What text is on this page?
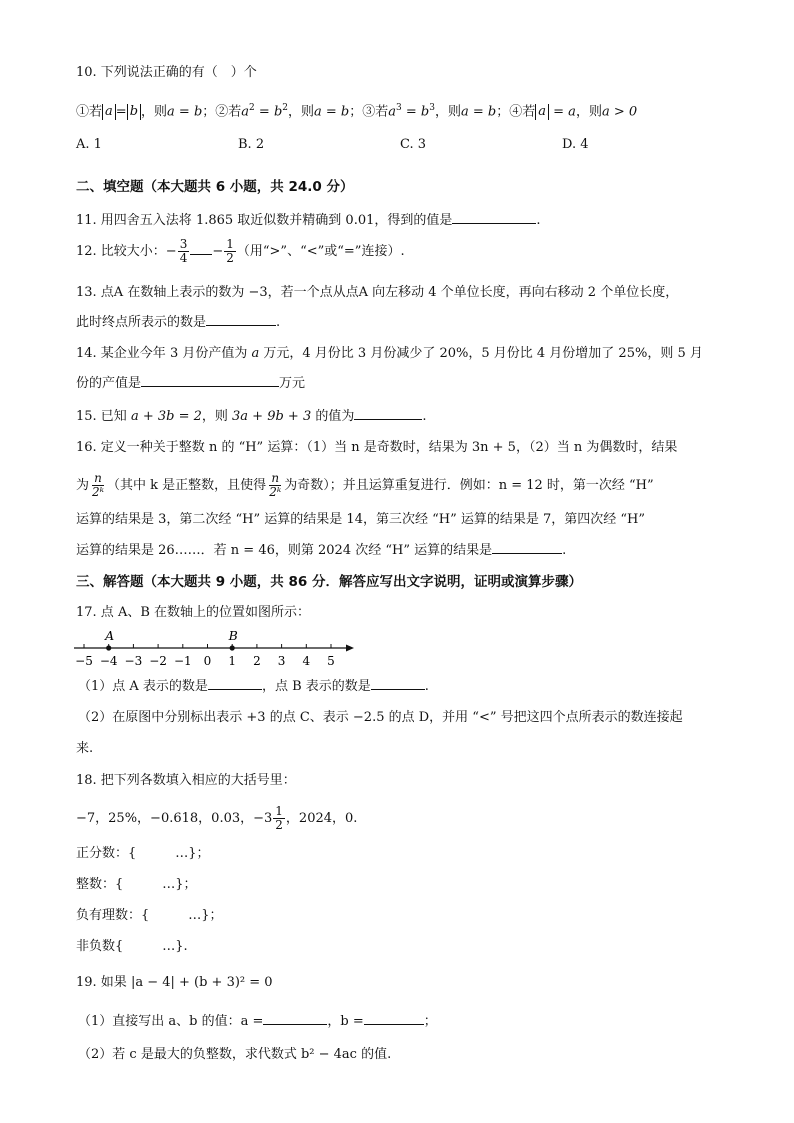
10. 下列说法正确的有（　）个
①若 a = b ，则a = b；②若$a^2 = b^2$，则a = b；③若$a^3 = b^3$，则a = b；④若 a = a，则a > 0
A. 1	B. 2	C. 3	D. 4
二、填空题（本大题共 6 小题，共 24.0 分）
11. 用四舍五入法将 1.865 取近似数并精确到 0.01，得到的值是	.
12. 比较大小：− $\frac{3}{4} - \frac{1}{2}$ （用“>”、“<”或“=”连接）.
13. 点A 在数轴上表示的数为 −3，若一个点从点A 向左移动 4 个单位长度，再向右移动 2 个单位长度，
此时终点所表示的数是	.
14. 某企业今年 3 月份产值为 a 万元，4 月份比 3 月份减少了 20%，5 月份比 4 月份增加了 25%，则 5 月
份的产值是	万元
15. 已知 a + 3b = 2，则 3a + 9b + 3 的值为	.
16. 定义一种关于整数 n 的 “H” 运算：（1）当 n 是奇数时，结果为 3n + 5，（2）当 n 为偶数时，结果
为 $\frac{n}{\text{2ᵏ}}$ （其中 k 是正整数，且使得 $\frac{n}{\text{2ᵏ}}$ 为奇数）；并且运算重复进行．例如：n = 12 时，第一次经 “H”
运算的结果是 3，第二次经 “H” 运算的结果是 14，第三次经 “H” 运算的结果是 7，第四次经 “H”
运算的结果是 26……．若 n = 46，则第 2024 次经 “H” 运算的结果是	.
三、解答题（本大题共 9 小题，共 86 分．解答应写出文字说明，证明或演算步骤）
17. 点 A、B 在数轴上的位置如图所示：
−5 −4 −3 −2 −1 0 1 2 3 4 5
A	B
（1）点 A 表示的数是	，点 B 表示的数是	.
（2）在原图中分别标出表示 +3 的点 C、表示 −2.5 的点 D，并用 “<” 号把这四个点所表示的数连接起
来.
18. 把下列各数填入相应的大括号里：
−7，25%，−0.618，0.03，$-3 \frac{1}{2}$ ，2024，0.
正分数：{　　　…}；
整数：{　　　…}；
负有理数：{　　　…}；
非负数{　　　…}.
19. 如果 |a − 4| + (b + 3)² = 0
（1）直接写出 a、b 的值：a =	，b =	；
（2）若 c 是最大的负整数，求代数式 b² − 4ac 的值.
